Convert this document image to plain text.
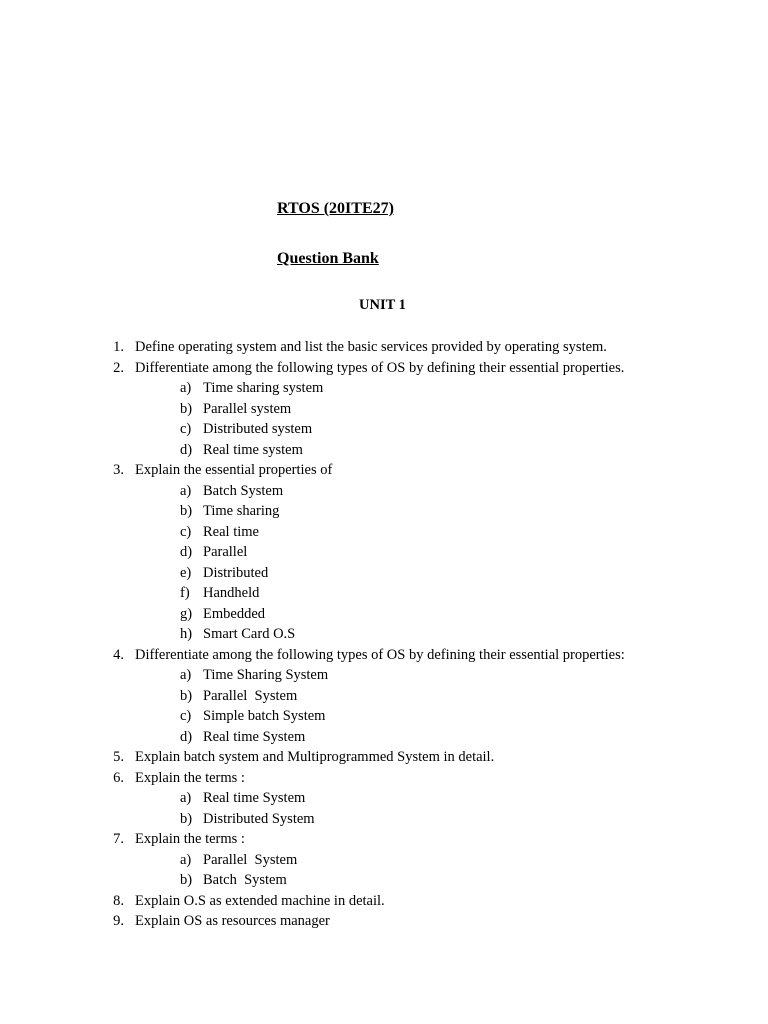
RTOS (20ITE27)
Question Bank
UNIT 1
1. Define operating system and list the basic services provided by operating system.
2. Differentiate among the following types of OS by defining their essential properties.
a) Time sharing system
b) Parallel system
c) Distributed system
d) Real time system
3. Explain the essential properties of
a) Batch System
b) Time sharing
c) Real time
d) Parallel
e) Distributed
f) Handheld
g) Embedded
h) Smart Card O.S
4. Differentiate among the following types of OS by defining their essential properties:
a) Time Sharing System
b) Parallel  System
c) Simple batch System
d) Real time System
5. Explain batch system and Multiprogrammed System in detail.
6. Explain the terms :
a) Real time System
b) Distributed System
7. Explain the terms :
a) Parallel  System
b) Batch  System
8. Explain O.S as extended machine in detail.
9. Explain OS as resources manager
